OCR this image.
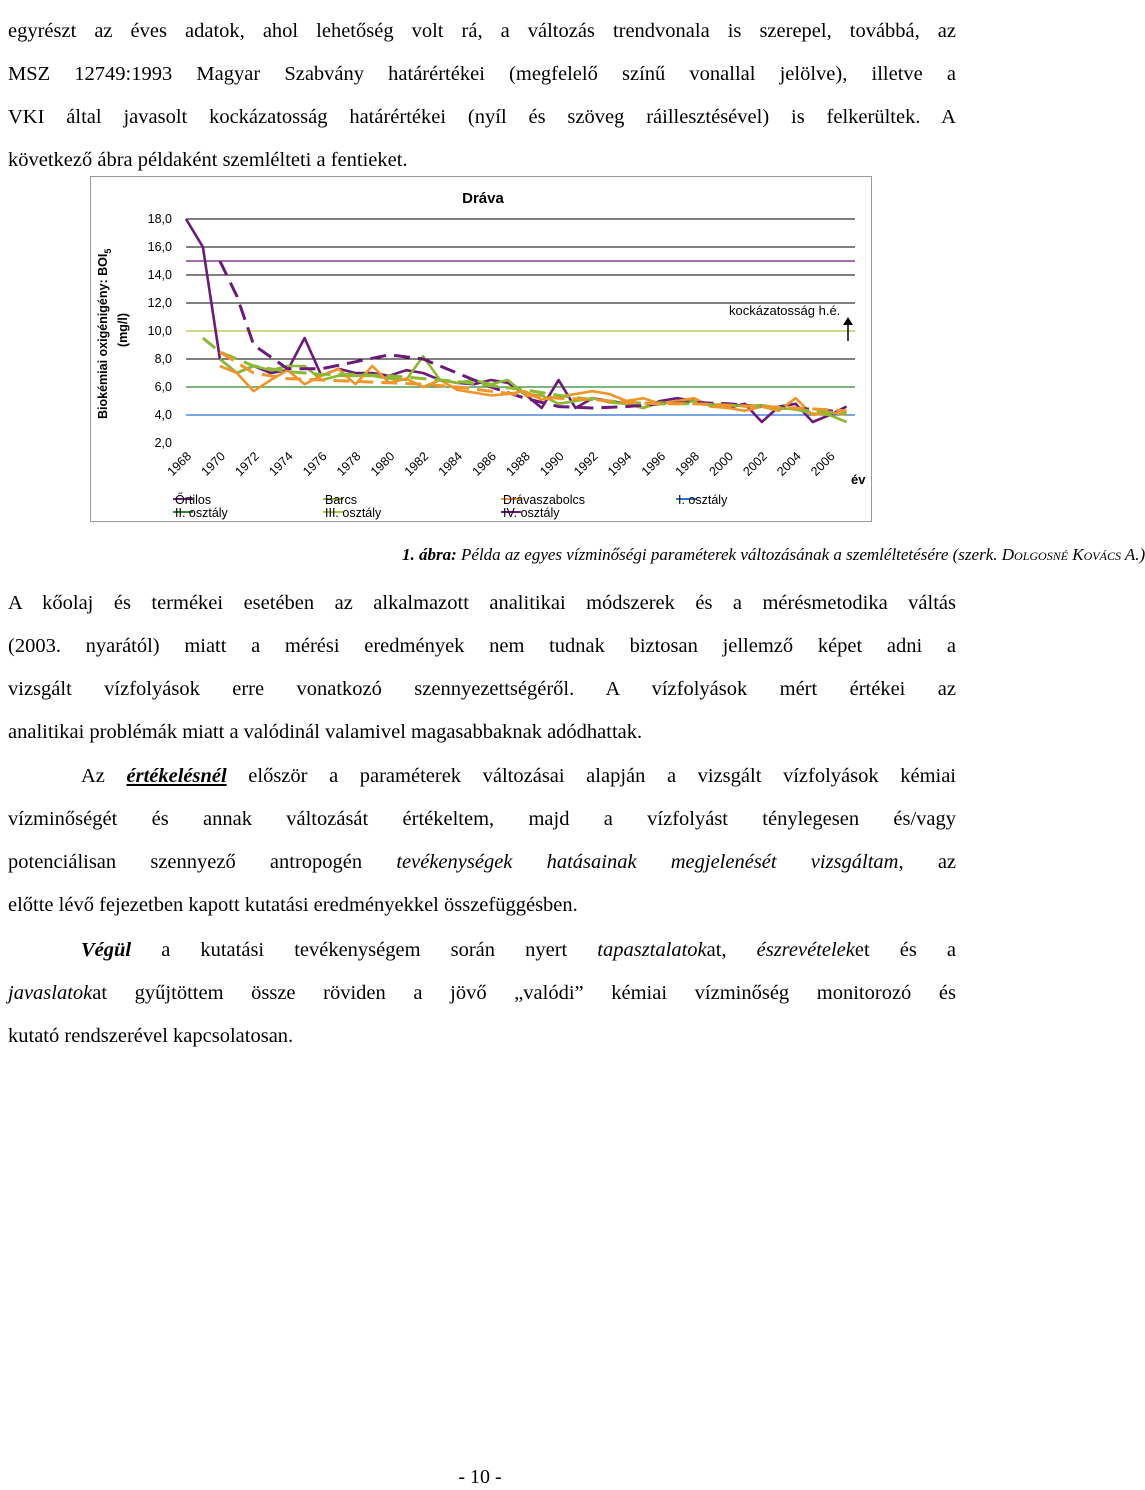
egyrészt az éves adatok, ahol lehetőség volt rá, a változás trendvonala is szerepel, továbbá, az
MSZ 12749:1993 Magyar Szabvány határértékei (megfelelő színű vonallal jelölve), illetve a
VKI által javasolt kockázatosság határértékei (nyíl és szöveg ráillesztésével) is felkerültek. A
következő ábra példaként szemlélteti a fentieket.
Dráva
Biokémiai oxigénigény: $BOI_5$
(mg/l)
18,0
16,0
14,0
12,0
10,0
8,0
6,0
4,0
2,0
1968 1970 1972 1974 1976 1978 1980 1982 1984 1986 1988 1990 1992 1994 1996 1998 2000 2002 2004 2006
kockázatosság h.é.
év
Őrtilos	Barcs	Drávaszabolcs	I. osztály
II. osztály	III. osztály	IV. osztály
1. ábra: Példa az egyes vízminőségi paraméterek változásának a szemléltetésére (szerk. Dolgosné Kovács A.)
A kőolaj és termékei esetében az alkalmazott analitikai módszerek és a mérésmetodika váltás
(2003. nyarától) miatt a mérési eredmények nem tudnak biztosan jellemző képet adni a
vizsgált vízfolyások erre vonatkozó szennyezettségéről. A vízfolyások mért értékei az
analitikai problémák miatt a valódinál valamivel magasabbaknak adódhattak.
Az értékelésnél először a paraméterek változásai alapján a vizsgált vízfolyások kémiai
vízminőségét és annak változását értékeltem, majd a vízfolyást ténylegesen és/vagy
potenciálisan szennyező antropogén tevékenységek hatásainak megjelenését vizsgáltam, az
előtte lévő fejezetben kapott kutatási eredményekkel összefüggésben.
Végül a kutatási tevékenységem során nyert tapasztalatokat, észrevételeket és a
javaslatokat gyűjtöttem össze röviden a jövő „valódi” kémiai vízminőség monitorozó és
kutató rendszerével kapcsolatosan.
- 10 -
